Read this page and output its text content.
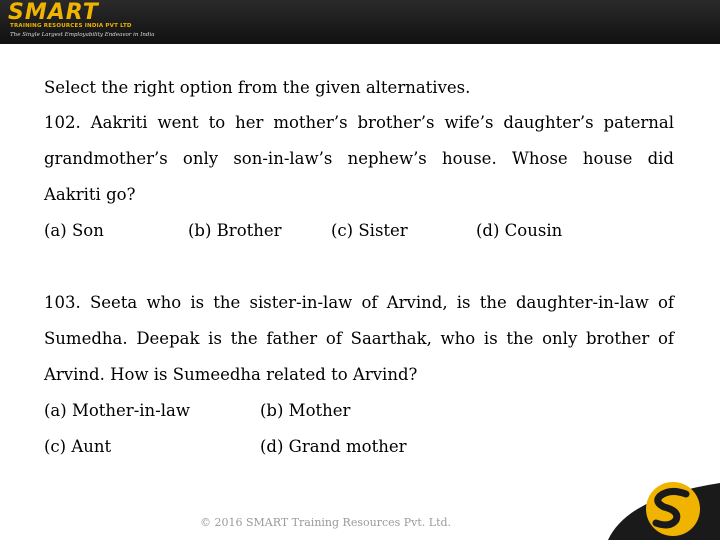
SMART
TRAINING RESOURCES INDIA PVT LTD
The Single Largest Employability Endeavor in India
Select the right option from the given alternatives.
102. Aakriti went to her mother’s brother’s wife’s daughter’s paternal
grandmother’s only son-in-law’s nephew’s house. Whose house did
Aakriti go?
(a) Son	(b) Brother	(c) Sister	(d) Cousin
103. Seeta who is the sister-in-law of Arvind, is the daughter-in-law of
Sumedha. Deepak is the father of Saarthak, who is the only brother of
Arvind. How is Sumeedha related to Arvind?
(a) Mother-in-law	(b) Mother
(c) Aunt	(d) Grand mother
© 2016 SMART Training Resources Pvt. Ltd.
